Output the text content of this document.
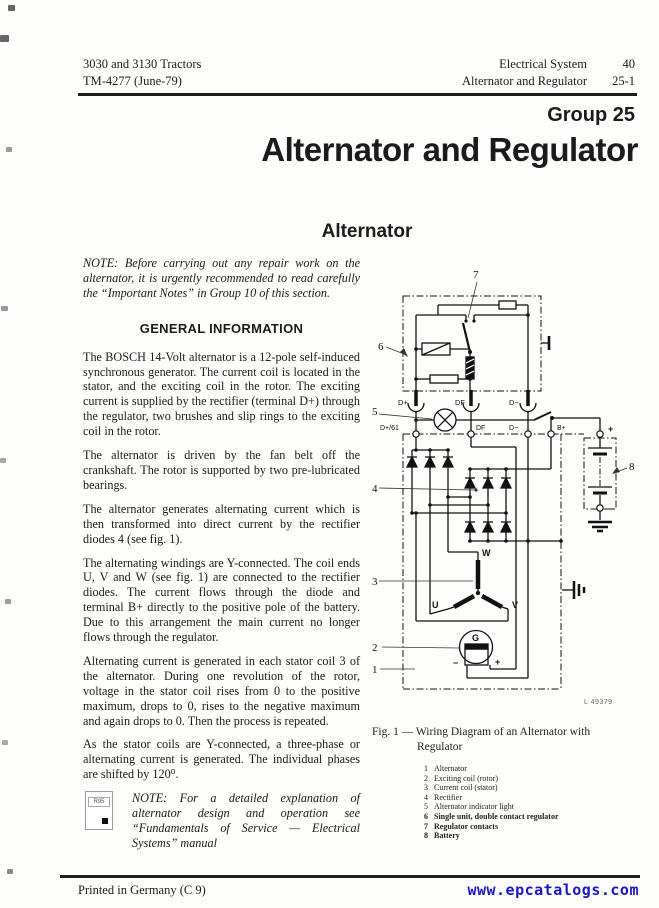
3030 and 3130 Tractors
TM-4277 (June-79)
Electrical System	40
Alternator and Regulator	25-1
Group 25
Alternator and Regulator
Alternator

NOTE: Before carrying out any repair work on the alternator, it is urgently recommended to read carefully the “Important Notes” in Group 10 of this section.

GENERAL INFORMATION

The BOSCH 14-Volt alternator is a 12-pole self-induced synchronous generator. The current coil is located in the stator, and the exciting coil in the rotor. The exciting current is supplied by the rectifier (terminal D+) through the regulator, two brushes and slip rings to the exciting coil in the rotor.

The alternator is driven by the fan belt off the crankshaft. The rotor is supported by two pre-lubricated bearings.

The alternator generates alternating current which is then transformed into direct current by the rectifier diodes 4 (see fig. 1).

The alternating windings are Y-connected. The coil ends U, V and W (see fig. 1) are connected to the rectifier diodes. The current flows through the diode and terminal B+ directly to the positive pole of the battery. Due to this arrangement the main current no longer flows through the regulator.

Alternating current is generated in each stator coil 3 of the alternator. During one revolution of the rotor, voltage in the stator coil rises from 0 to the positive maximum, drops to 0, rises to the negative maximum and again drops to 0. Then the process is repeated.

As the stator coils are Y-connected, a three-phase or alternating current is generated. The individual phases are shifted by 120⁰.

R95	NOTE: For a detailed explanation of alternator design and operation see “Fundamentals of Service — Electrical Systems” manual
7
6
5
4
3
2
1
8
D+	DF	D−
D+/61	DF	D−	B+	+
−
W
U	V
G
−	+
L 49379
Fig. 1 — Wiring Diagram of an Alternator with
Regulator
1 Alternator
2 Exciting coil (rotor)
3 Current coil (stator)
4 Rectifier
5 Alternator indicator light
6 Single unit, double contact regulator
7 Regulator contacts
8 Battery
Printed in Germany (C 9)	www.epcatalogs.com
